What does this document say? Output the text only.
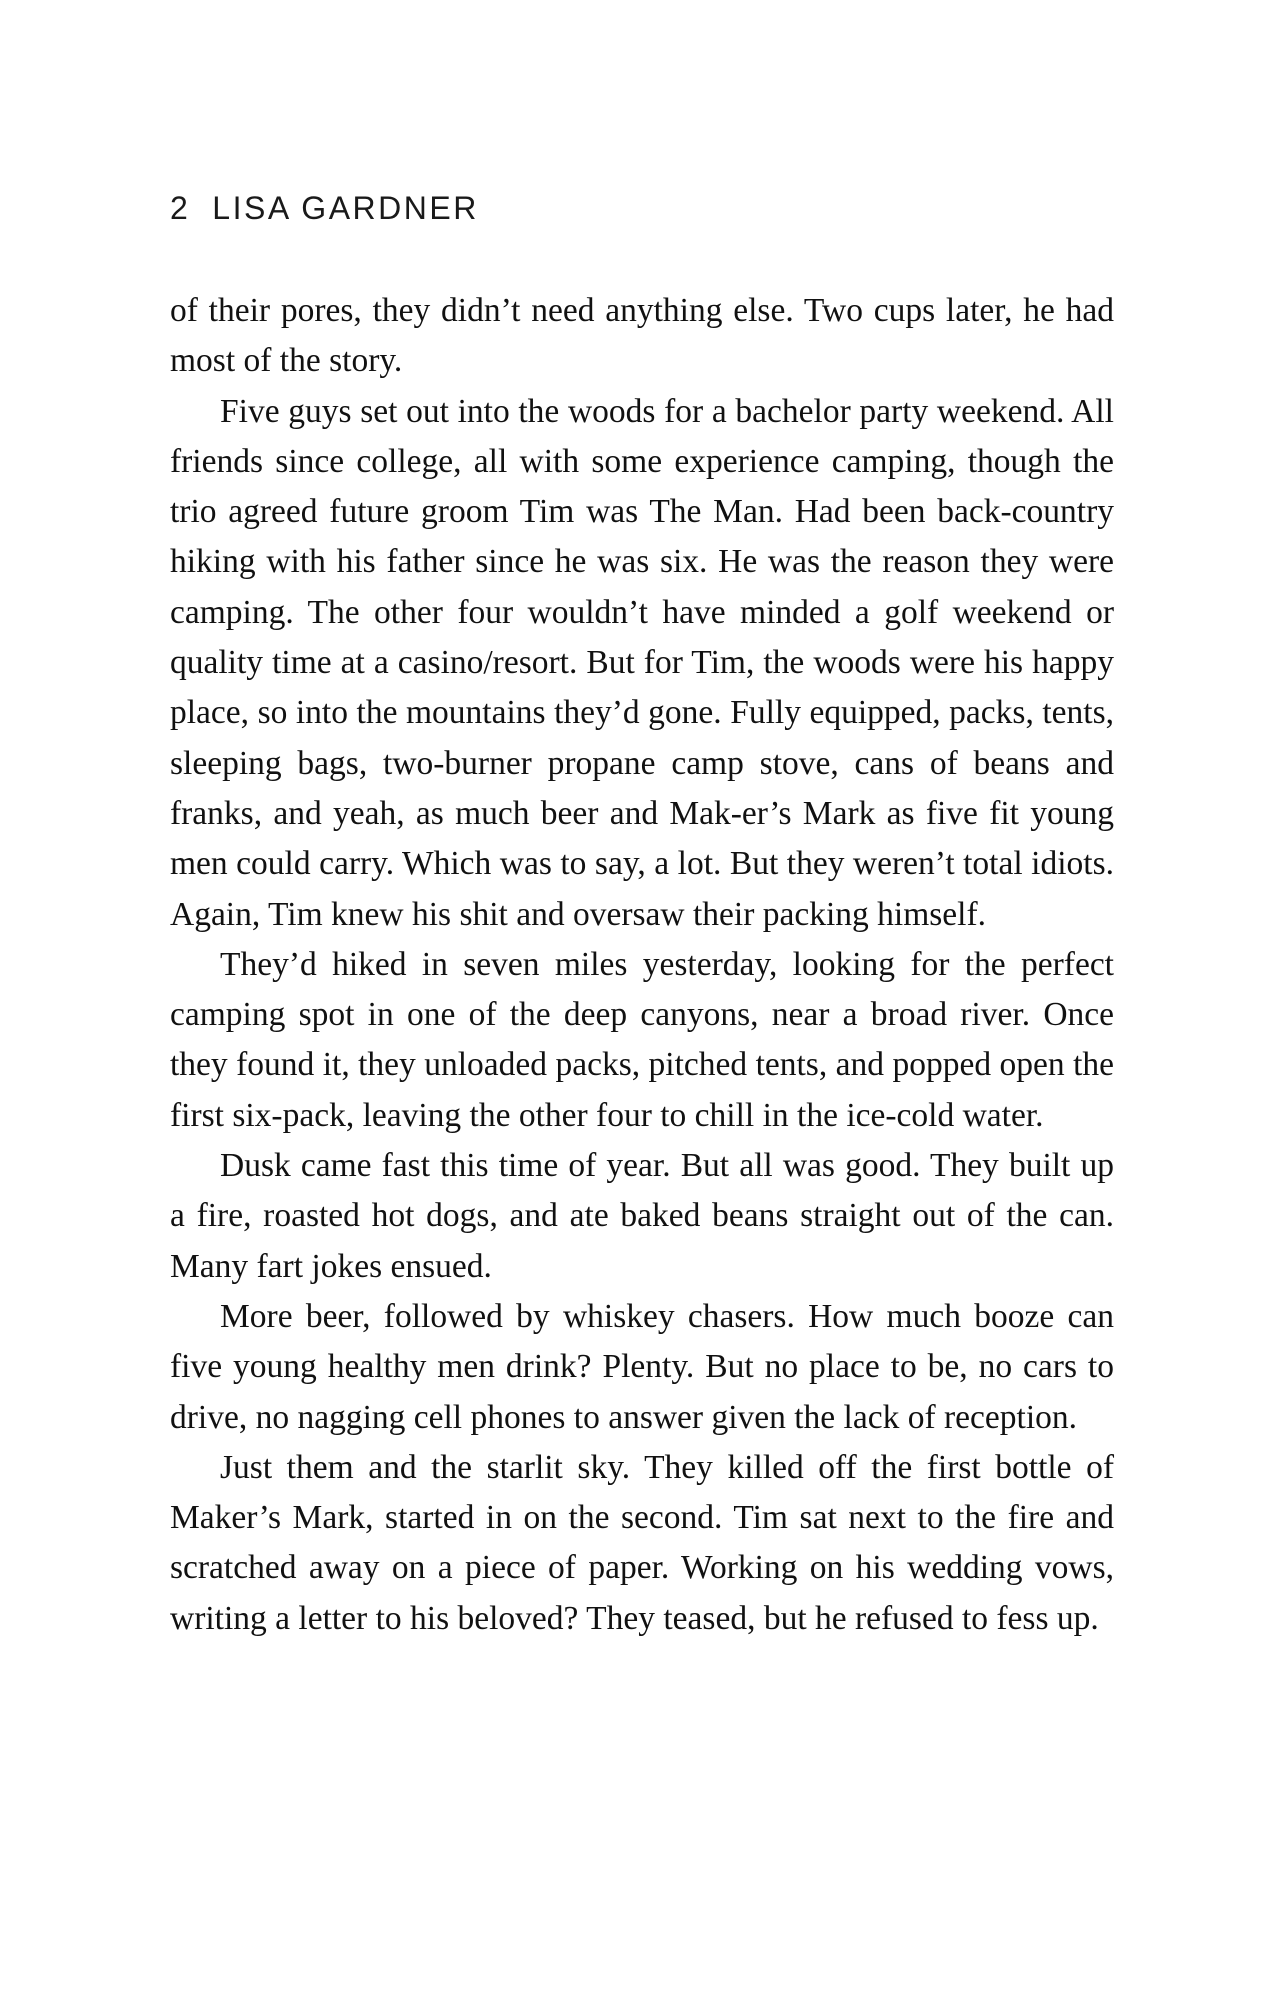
2 LISA GARDNER

of their pores, they didn’t need anything else. Two cups later, he had most of the story.

Five guys set out into the woods for a bachelor party weekend. All friends since college, all with some experience camping, though the trio agreed future groom Tim was The Man. Had been back-country hiking with his father since he was six. He was the reason they were camping. The other four wouldn’t have minded a golf weekend or quality time at a casino/resort. But for Tim, the woods were his happy place, so into the mountains they’d gone. Fully equipped, packs, tents, sleeping bags, two-burner propane camp stove, cans of beans and franks, and yeah, as much beer and Mak-er’s Mark as five fit young men could carry. Which was to say, a lot. But they weren’t total idiots. Again, Tim knew his shit and oversaw their packing himself.

They’d hiked in seven miles yesterday, looking for the perfect camping spot in one of the deep canyons, near a broad river. Once they found it, they unloaded packs, pitched tents, and popped open the first six-pack, leaving the other four to chill in the ice-cold water.

Dusk came fast this time of year. But all was good. They built up a fire, roasted hot dogs, and ate baked beans straight out of the can. Many fart jokes ensued.

More beer, followed by whiskey chasers. How much booze can five young healthy men drink? Plenty. But no place to be, no cars to drive, no nagging cell phones to answer given the lack of reception.

Just them and the starlit sky. They killed off the first bottle of Maker’s Mark, started in on the second. Tim sat next to the fire and scratched away on a piece of paper. Working on his wedding vows, writing a letter to his beloved? They teased, but he refused to fess up.
